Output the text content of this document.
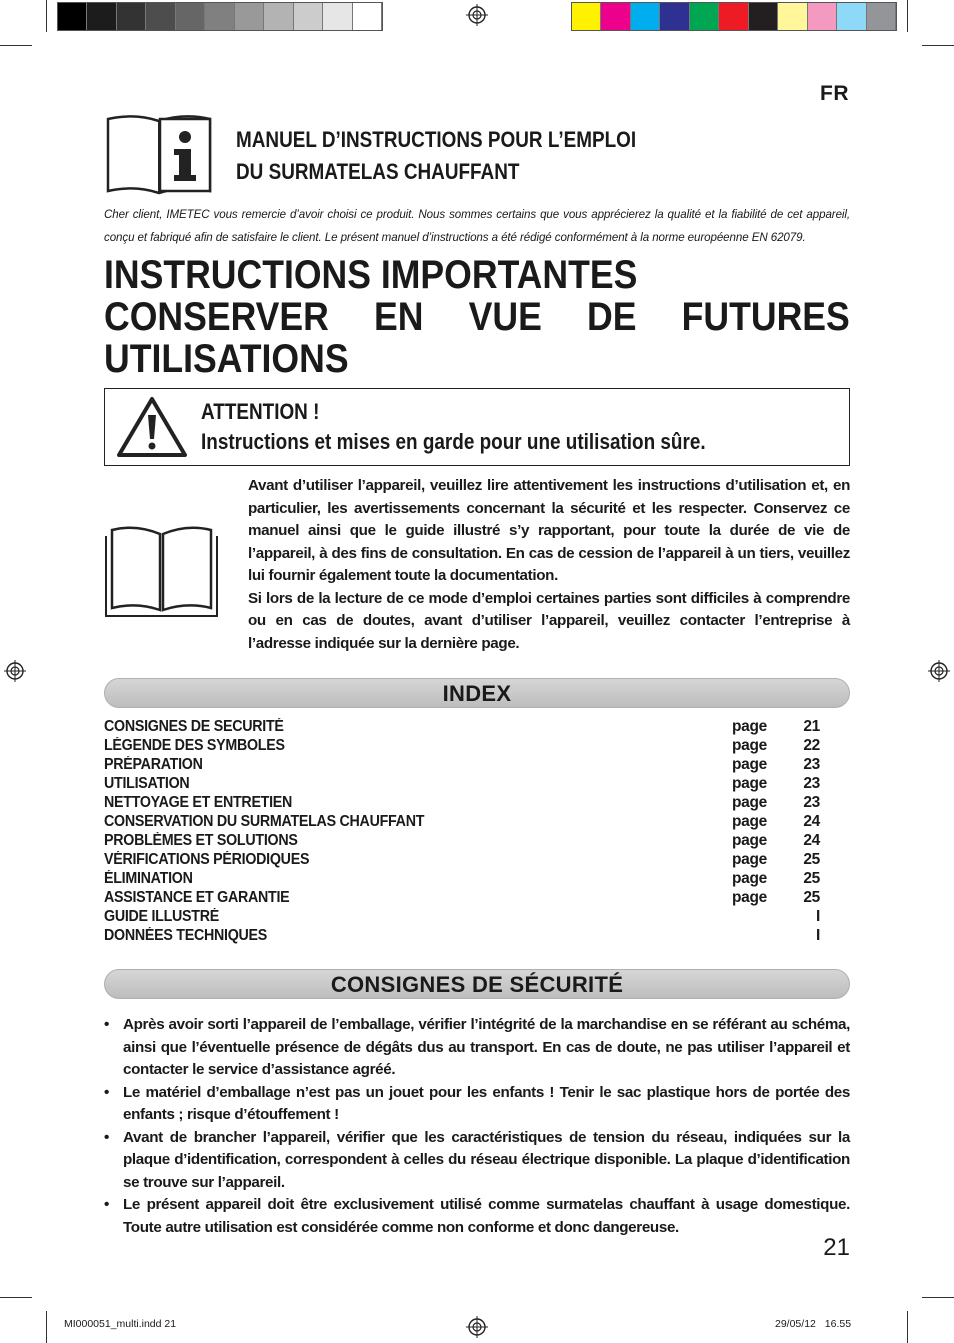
FR
MANUEL D’INSTRUCTIONS POUR L’EMPLOI
DU SURMATELAS CHAUFFANT
Cher client, IMETEC vous remercie d’avoir choisi ce produit. Nous sommes certains que vous apprécierez la qualité et la fiabilité de cet appareil, conçu et fabriqué afin de satisfaire le client. Le présent manuel d’instructions a été rédigé conformément à la norme européenne EN 62079.
INSTRUCTIONS IMPORTANTES
CONSERVER EN VUE DE FUTURES
UTILISATIONS
ATTENTION !
Instructions et mises en garde pour une utilisation sûre.

Avant d’utiliser l’appareil, veuillez lire attentivement les instructions d’utilisation et, en particulier, les avertissements concernant la sécurité et les respecter. Conservez ce manuel ainsi que le guide illustré s’y rapportant, pour toute la durée de vie de l’appareil, à des fins de consultation. En cas de cession de l’appareil à un tiers, veuillez lui fournir également toute la documentation.

Si lors de la lecture de ce mode d’emploi certaines parties sont difficiles à comprendre ou en cas de doutes, avant d’utiliser l’appareil, veuillez contacter l’entreprise à l’adresse indiquée sur la dernière page.

INDEX
CONSIGNES DE SECURITÉ	page	21
LÉGENDE DES SYMBOLES	page	22
PRÉPARATION	page	23
UTILISATION	page	23
NETTOYAGE ET ENTRETIEN	page	23
CONSERVATION DU SURMATELAS CHAUFFANT	page	24
PROBLÈMES ET SOLUTIONS	page	24
VÉRIFICATIONS PÉRIODIQUES	page	25
ÉLIMINATION	page	25
ASSISTANCE ET GARANTIE	page	25
GUIDE ILLUSTRÉ	I
DONNÉES TECHNIQUES	I
CONSIGNES DE SÉCURITÉ
• Après avoir sorti l’appareil de l’emballage, vérifier l’intégrité de la marchandise en se référant au schéma, ainsi que l’éventuelle présence de dégâts dus au transport. En cas de doute, ne pas utiliser l’appareil et contacter le service d’assistance agréé.
• Le matériel d’emballage n’est pas un jouet pour les enfants ! Tenir le sac plastique hors de portée des enfants ; risque d’étouffement !
• Avant de brancher l’appareil, vérifier que les caractéristiques de tension du réseau, indiquées sur la plaque d’identification, correspondent à celles du réseau électrique disponible. La plaque d’identification se trouve sur l’appareil.
• Le présent appareil doit être exclusivement utilisé comme surmatelas chauffant à usage domestique. Toute autre utilisation est considérée comme non conforme et donc dangereuse.
21
MI000051_multi.indd 21	29/05/12 16.55
